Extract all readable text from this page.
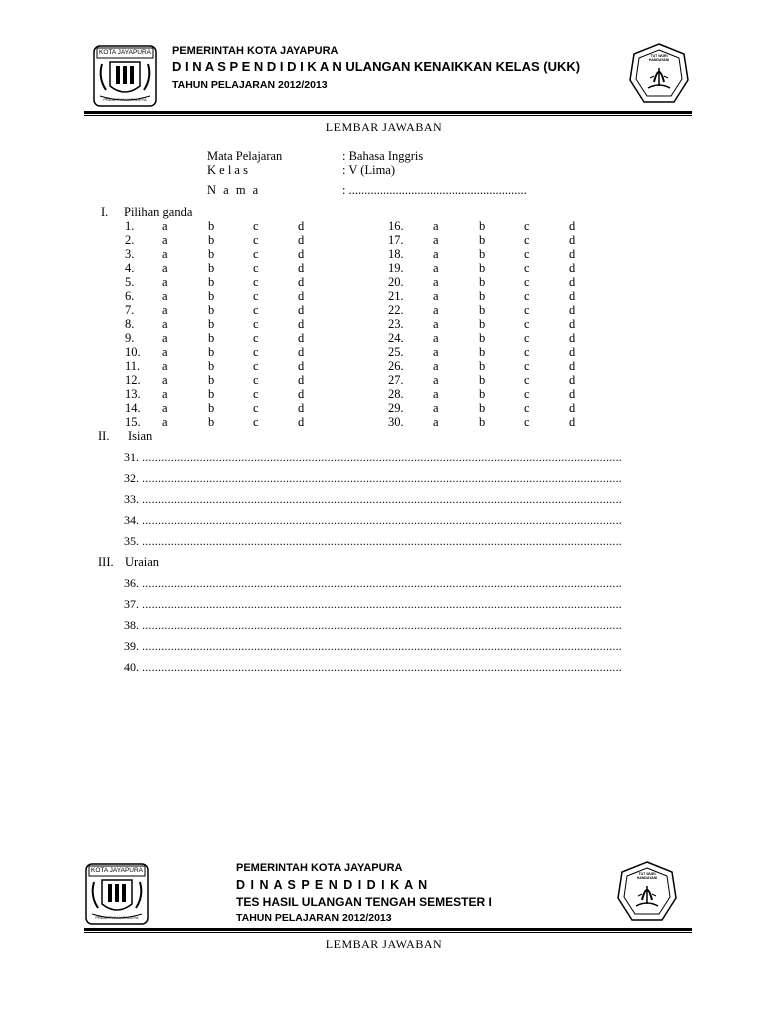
KOTA JAYAPURA
PRASETYA KARKARYA
PEMERINTAH KOTA JAYAPURA
D I N A S P E N D I D I K A N ULANGAN KENAIKKAN KELAS (UKK)
TAHUN PELAJARAN 2012/2013
TUT WURI HANDAYANI
LEMBAR JAWABAN
Mata Pelajaran	: Bahasa Inggris
K e l a s	: V (Lima)
N a m a	: .........................................................
I. Pilihan ganda
1. a	b	c	d
2. a	b	c	d
3. a	b	c	d
4. a	b	c	d
5. a	b	c	d
6. a	b	c	d
7. a	b	c	d
8. a	b	c	d
9. a	b	c	d
10. a	b	c	d
11. a	b	c	d
12. a	b	c	d
13. a	b	c	d
14. a	b	c	d
15. a	b	c	d
16. a	b	c	d
17. a	b	c	d
18. a	b	c	d
19. a	b	c	d
20. a	b	c	d
21. a	b	c	d
22. a	b	c	d
23. a	b	c	d
24. a	b	c	d
25. a	b	c	d
26. a	b	c	d
27. a	b	c	d
28. a	b	c	d
29. a	b	c	d
30. a	b	c	d
II. Isian
31. ......................................................................................................................................................
32. ......................................................................................................................................................
33. ......................................................................................................................................................
34. ......................................................................................................................................................
35. ......................................................................................................................................................
III. Uraian
36. ......................................................................................................................................................
37. ......................................................................................................................................................
38. ......................................................................................................................................................
39. ......................................................................................................................................................
40. ......................................................................................................................................................
KOTA JAYAPURA
PRASETYA KARKARYA
PEMERINTAH KOTA JAYAPURA
D I N A S P E N D I D I K A N
TES HASIL ULANGAN TENGAH SEMESTER I
TAHUN PELAJARAN 2012/2013
TUT WURI HANDAYANI
LEMBAR JAWABAN
